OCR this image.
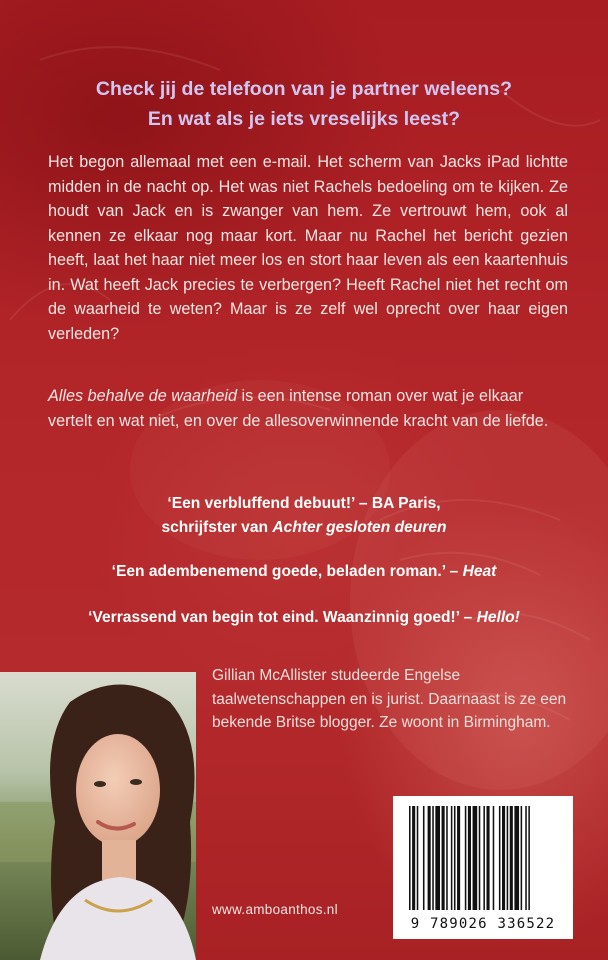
Check jij de telefoon van je partner weleens?
En wat als je iets vreselijks leest?
Het begon allemaal met een e-mail. Het scherm van Jacks iPad lichtte midden in de nacht op. Het was niet Rachels bedoeling om te kijken. Ze houdt van Jack en is zwanger van hem. Ze vertrouwt hem, ook al kennen ze elkaar nog maar kort. Maar nu Rachel het bericht gezien heeft, laat het haar niet meer los en stort haar leven als een kaartenhuis in. Wat heeft Jack precies te verbergen? Heeft Rachel niet het recht om de waarheid te weten? Maar is ze zelf wel oprecht over haar eigen verleden?
Alles behalve de waarheid is een intense roman over wat je elkaar vertelt en wat niet, en over de allesoverwinnende kracht van de liefde.
‘Een verbluffend debuut!’ – BA Paris,
schrijfster van Achter gesloten deuren
‘Een adembenemend goede, beladen roman.’ – Heat
‘Verrassend van begin tot eind. Waanzinnig goed!’ – Hello!
Gillian McAllister studeerde Engelse taalwetenschappen en is jurist. Daarnaast is ze een bekende Britse blogger. Ze woont in Birmingham.
www.amboanthos.nl
9 789026 336522
